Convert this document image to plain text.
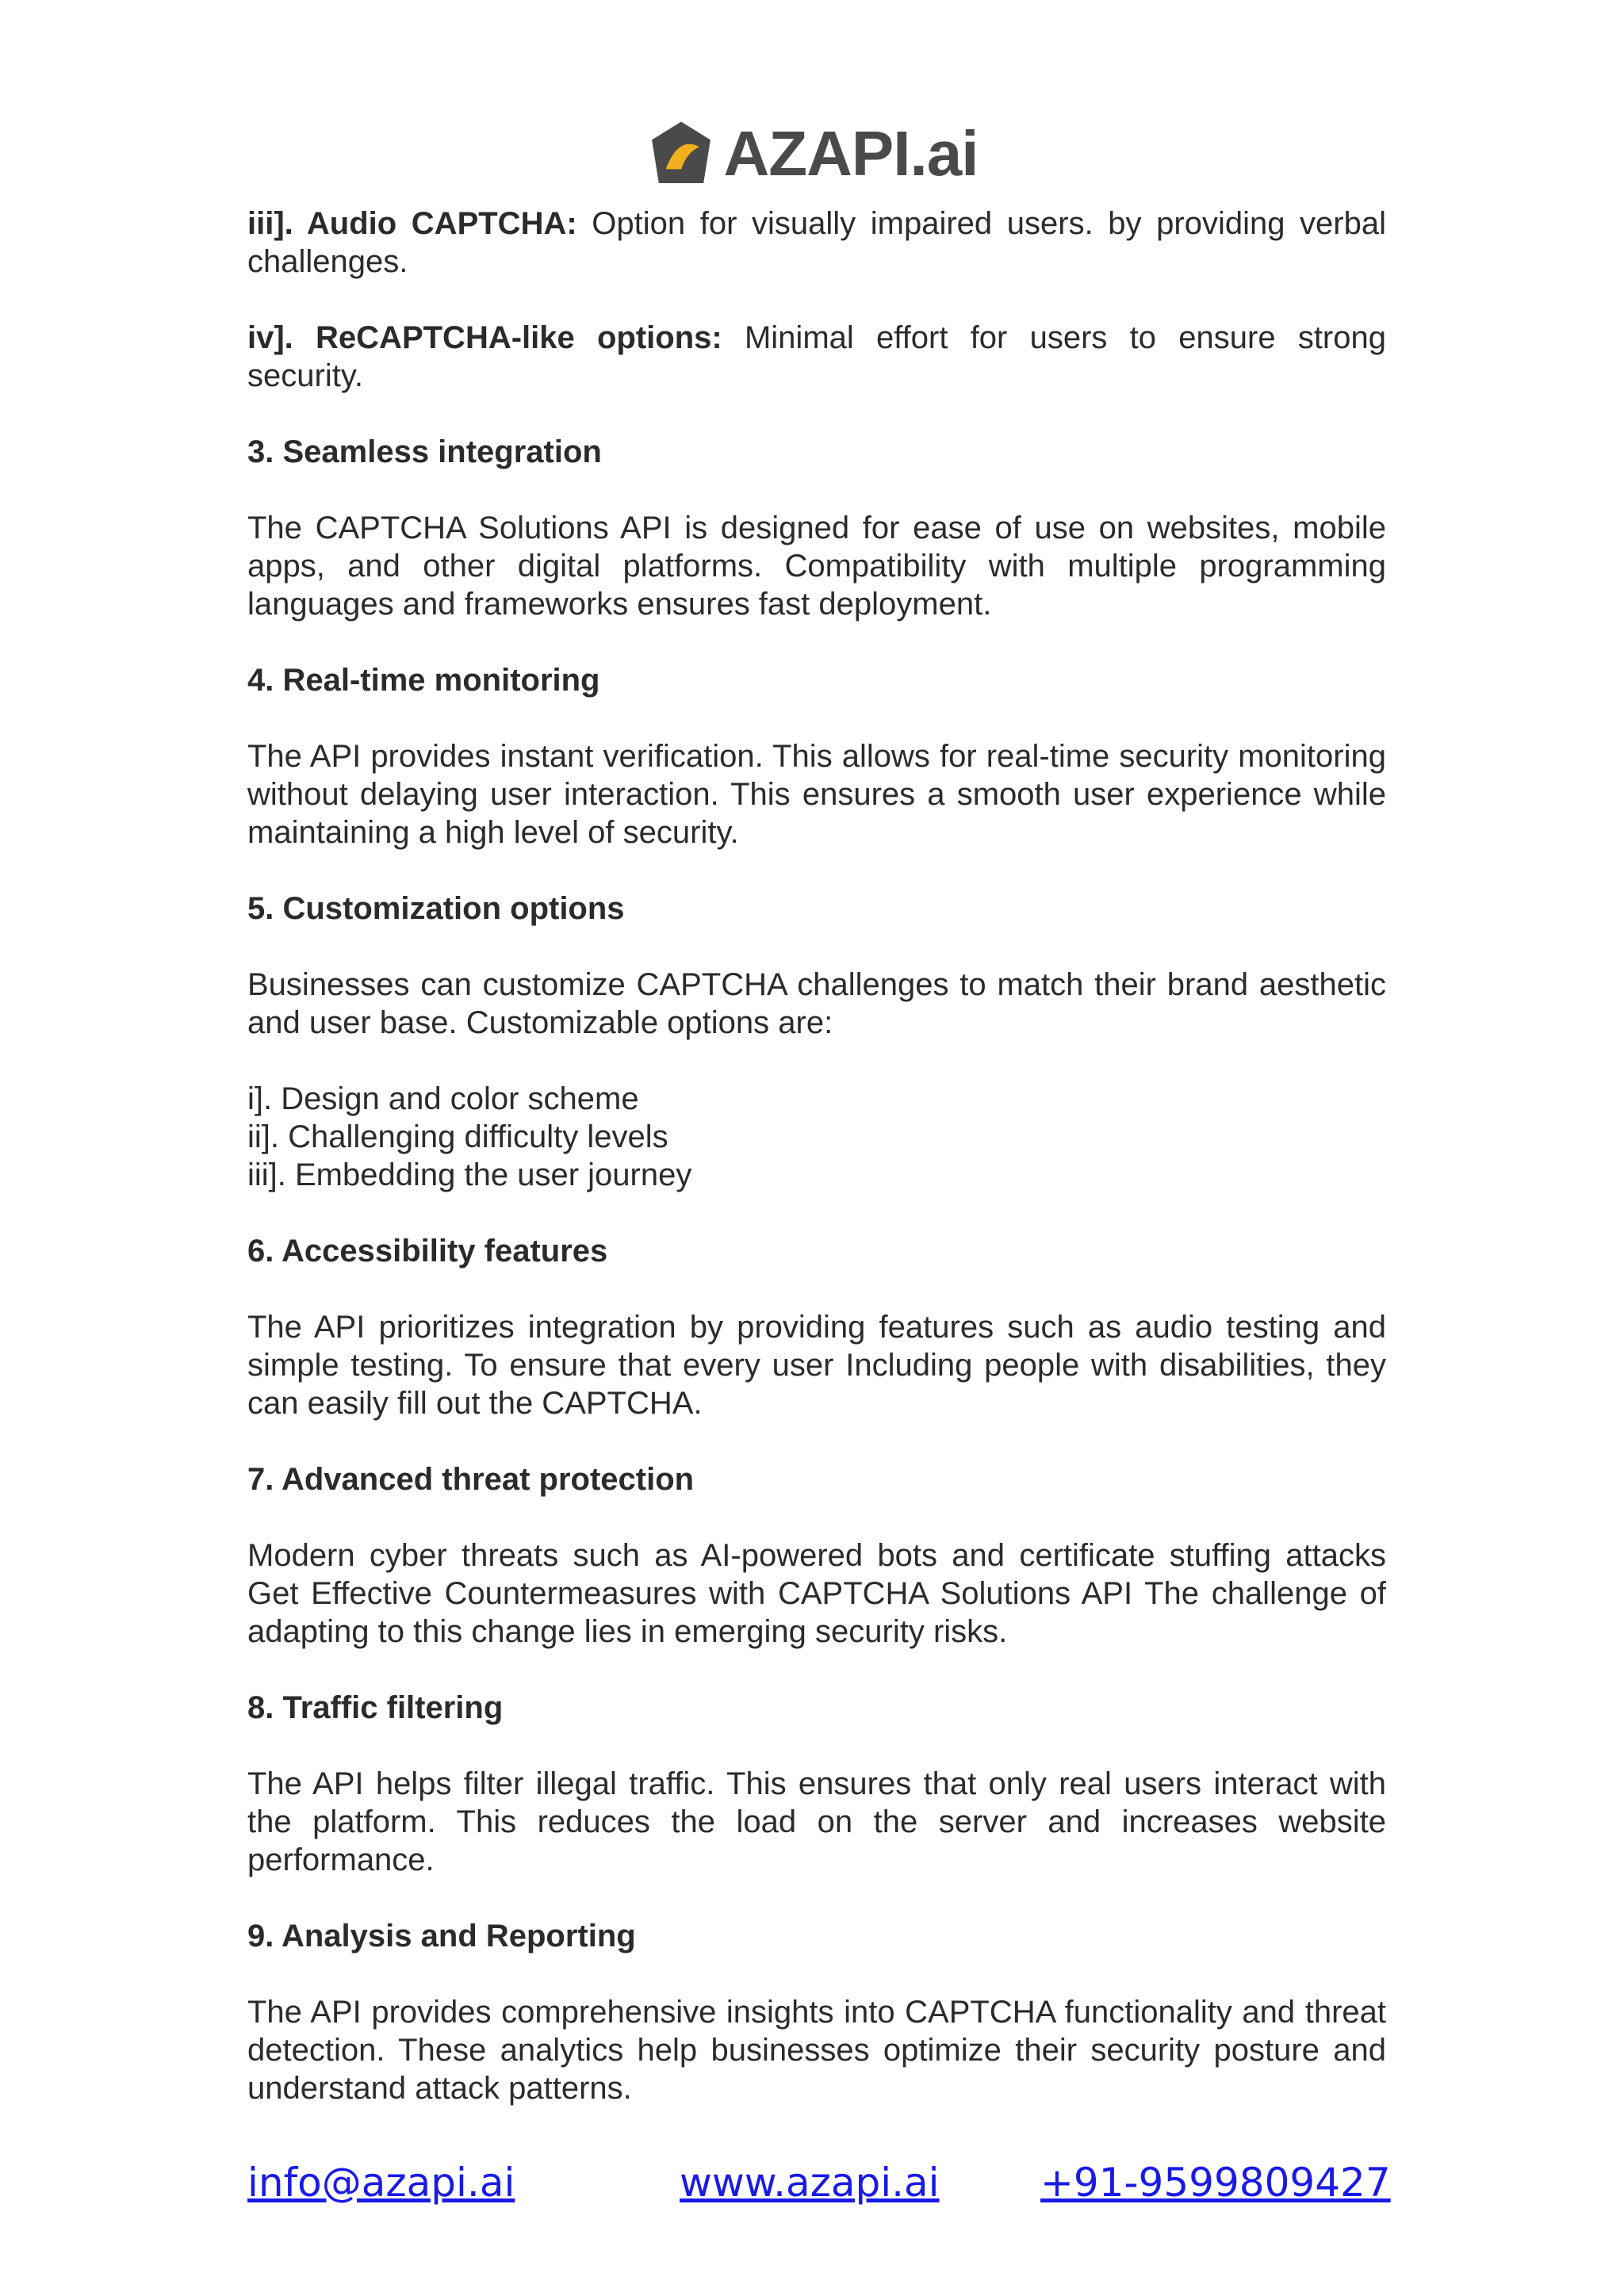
AZAPI.ai

iii]. Audio CAPTCHA: Option for visually impaired users. by providing verbal challenges.

iv]. ReCAPTCHA-like options: Minimal effort for users to ensure strong security.

3. Seamless integration

The CAPTCHA Solutions API is designed for ease of use on websites, mobile apps, and other digital platforms. Compatibility with multiple programming languages and frameworks ensures fast deployment.

4. Real-time monitoring

The API provides instant verification. This allows for real-time security monitoring without delaying user interaction. This ensures a smooth user experience while maintaining a high level of security.

5. Customization options

Businesses can customize CAPTCHA challenges to match their brand aesthetic and user base. Customizable options are:

i]. Design and color scheme
ii]. Challenging difficulty levels
iii]. Embedding the user journey

6. Accessibility features

The API prioritizes integration by providing features such as audio testing and simple testing. To ensure that every user Including people with disabilities, they can easily fill out the CAPTCHA.

7. Advanced threat protection

Modern cyber threats such as AI-powered bots and certificate stuffing attacks Get Effective Countermeasures with CAPTCHA Solutions API The challenge of adapting to this change lies in emerging security risks.

8. Traffic filtering

The API helps filter illegal traffic. This ensures that only real users interact with the platform. This reduces the load on the server and increases website performance.

9. Analysis and Reporting

The API provides comprehensive insights into CAPTCHA functionality and threat detection. These analytics help businesses optimize their security posture and understand attack patterns.

info@azapi.ai	www.azapi.ai	+91-9599809427
